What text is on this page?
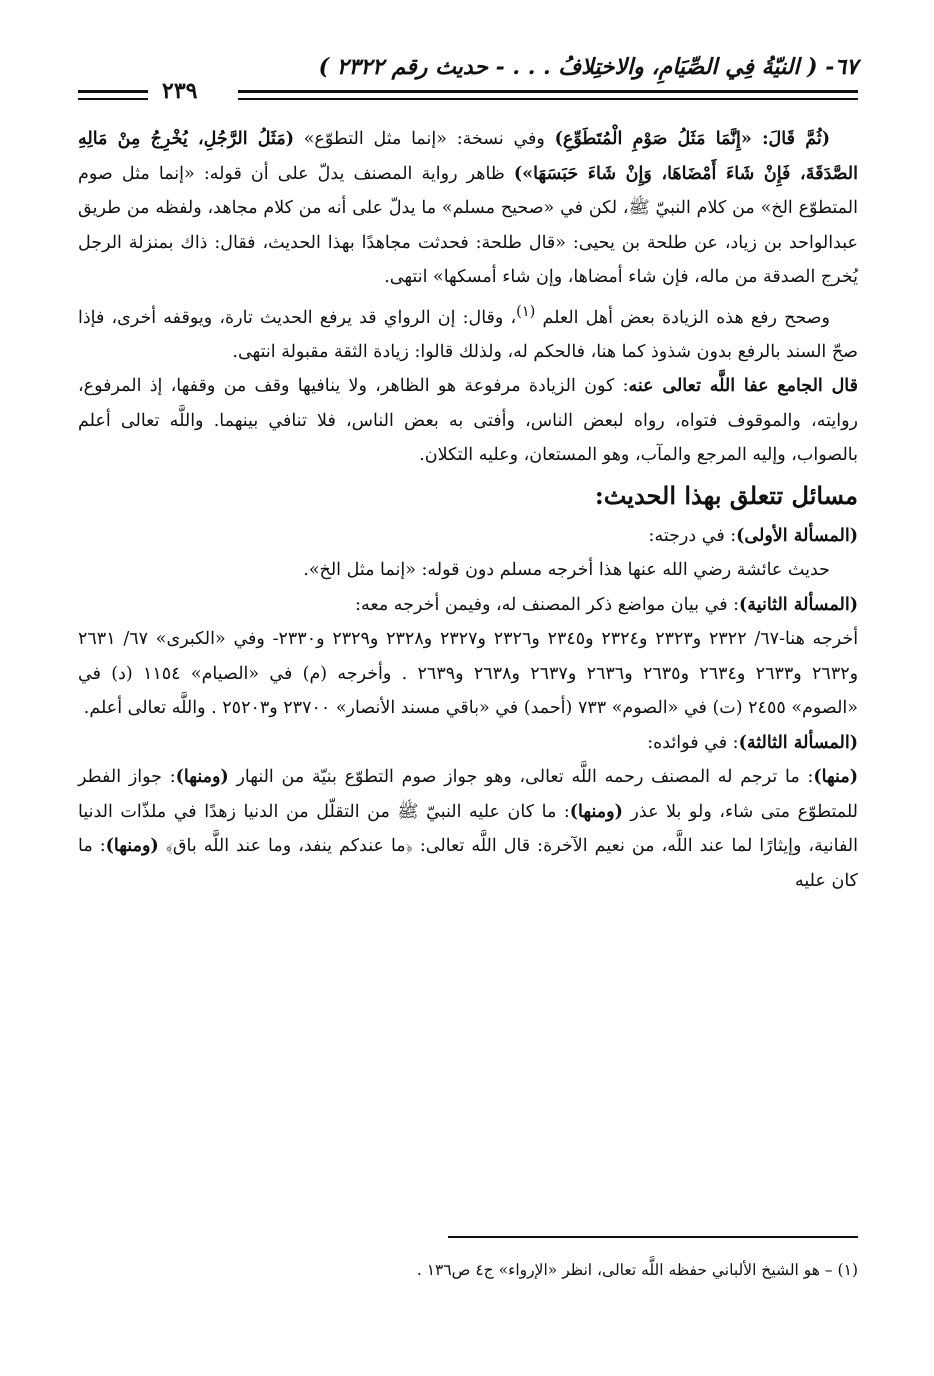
٦٧- ( النيّةُ فِي الصِّيَامِ، والاختِلافُ . . . - حديث رقم ٢٣٢٢ )
٢٣٩

(ثُمَّ قَالَ: «إِنَّمَا مَثَلُ صَوْمِ الْمُتَطَوِّعِ) وفي نسخة: «إنما مثل التطوّع» (مَثَلُ الرَّجُلِ، يُخْرِجُ مِنْ مَالِهِ الصَّدَقَةَ، فَإِنْ شَاءَ أَمْضَاهَا، وَإِنْ شَاءَ حَبَسَهَا») ظاهر رواية المصنف يدلّ على أن قوله: «إنما مثل صوم المتطوّع الخ» من كلام النبيّ ﷺ، لكن في «صحيح مسلم» ما يدلّ على أنه من كلام مجاهد، ولفظه من طريق عبدالواحد بن زياد، عن طلحة بن يحيى: «قال طلحة: فحدثت مجاهدًا بهذا الحديث، فقال: ذاك بمنزلة الرجل يُخرج الصدقة من ماله، فإن شاء أمضاها، وإن شاء أمسكها» انتهى.

وصحح رفع هذه الزيادة بعض أهل العلم $^{(١)}$، وقال: إن الرواي قد يرفع الحديث تارة، ويوقفه أخرى، فإذا صحّ السند بالرفع بدون شذوذ كما هنا، فالحكم له، ولذلك قالوا: زيادة الثقة مقبولة انتهى.

قال الجامع عفا اللَّه تعالى عنه: كون الزيادة مرفوعة هو الظاهر، ولا ينافيها وقف من وقفها، إذ المرفوع، روايته، والموقوف فتواه، رواه لبعض الناس، وأفتى به بعض الناس، فلا تنافي بينهما. واللَّه تعالى أعلم بالصواب، وإليه المرجع والمآب، وهو المستعان، وعليه التكلان.

مسائل تتعلق بهذا الحديث:

(المسألة الأولى): في درجته:

حديث عائشة رضي الله عنها هذا أخرجه مسلم دون قوله: «إنما مثل الخ».

(المسألة الثانية): في بيان مواضع ذكر المصنف له، وفيمن أخرجه معه:

أخرجه هنا-٦٧/ ٢٣٢٢ و٢٣٢٣ و٢٣٢٤ و٢٣٤٥ و٢٣٢٦ و٢٣٢٧ و٢٣٢٨ و٢٣٢٩ و٢٣٣٠- وفي «الكبرى» ٦٧/ ٢٦٣١ و٢٦٣٢ و٢٦٣٣ و٢٦٣٤ و٢٦٣٥ و٢٦٣٦ و٢٦٣٧ و٢٦٣٨ و٢٦٣٩ . وأخرجه (م) في «الصيام» ١١٥٤ (د) في «الصوم» ٢٤٥٥ (ت) في «الصوم» ٧٣٣ (أحمد) في «باقي مسند الأنصار» ٢٣٧٠٠ و٢٥٢٠٣ . واللَّه تعالى أعلم.

(المسألة الثالثة): في فوائده:

(منها): ما ترجم له المصنف رحمه اللَّه تعالى، وهو جواز صوم التطوّع بنيّة من النهار (ومنها): جواز الفطر للمتطوّع متى شاء، ولو بلا عذر (ومنها): ما كان عليه النبيّ ﷺ من التقلّل من الدنيا زهدًا في ملذّات الدنيا الفانية، وإيثارًا لما عند اللَّه، من نعيم الآخرة: قال اللَّه تعالى: ﴿ما عندكم ينفد، وما عند اللَّه باق﴾ (ومنها): ما كان عليه

(١) – هو الشيخ الألباني حفظه اللَّه تعالى، انظر «الإرواء» ج٤ ص١٣٦ .
